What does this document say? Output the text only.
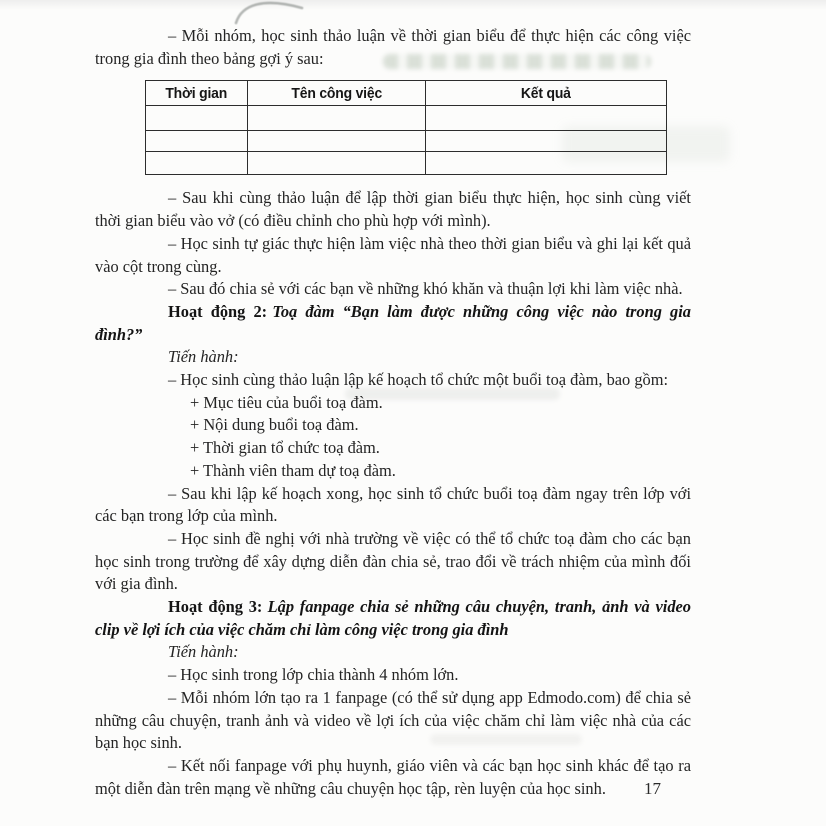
– Mỗi nhóm, học sinh thảo luận về thời gian biểu để thực hiện các công việc trong gia đình theo bảng gợi ý sau:

Thời gian	Tên công việc	Kết quả

– Sau khi cùng thảo luận để lập thời gian biểu thực hiện, học sinh cùng viết thời gian biểu vào vở (có điều chỉnh cho phù hợp với mình).

– Học sinh tự giác thực hiện làm việc nhà theo thời gian biểu và ghi lại kết quả vào cột trong cùng.

– Sau đó chia sẻ với các bạn về những khó khăn và thuận lợi khi làm việc nhà.

Hoạt động 2: Toạ đàm “Bạn làm được những công việc nào trong gia đình?”

Tiến hành:

– Học sinh cùng thảo luận lập kế hoạch tổ chức một buổi toạ đàm, bao gồm:

+ Mục tiêu của buổi toạ đàm.

+ Nội dung buổi toạ đàm.

+ Thời gian tổ chức toạ đàm.

+ Thành viên tham dự toạ đàm.

– Sau khi lập kế hoạch xong, học sinh tổ chức buổi toạ đàm ngay trên lớp với các bạn trong lớp của mình.

– Học sinh đề nghị với nhà trường về việc có thể tổ chức toạ đàm cho các bạn học sinh trong trường để xây dựng diễn đàn chia sẻ, trao đổi về trách nhiệm của mình đối với gia đình.

Hoạt động 3: Lập fanpage chia sẻ những câu chuyện, tranh, ảnh và video clip về lợi ích của việc chăm chỉ làm công việc trong gia đình

Tiến hành:

– Học sinh trong lớp chia thành 4 nhóm lớn.

– Mỗi nhóm lớn tạo ra 1 fanpage (có thể sử dụng app Edmodo.com) để chia sẻ những câu chuyện, tranh ảnh và video về lợi ích của việc chăm chỉ làm việc nhà của các bạn học sinh.

– Kết nối fanpage với phụ huynh, giáo viên và các bạn học sinh khác để tạo ra một diễn đàn trên mạng về những câu chuyện học tập, rèn luyện của học sinh.	17
